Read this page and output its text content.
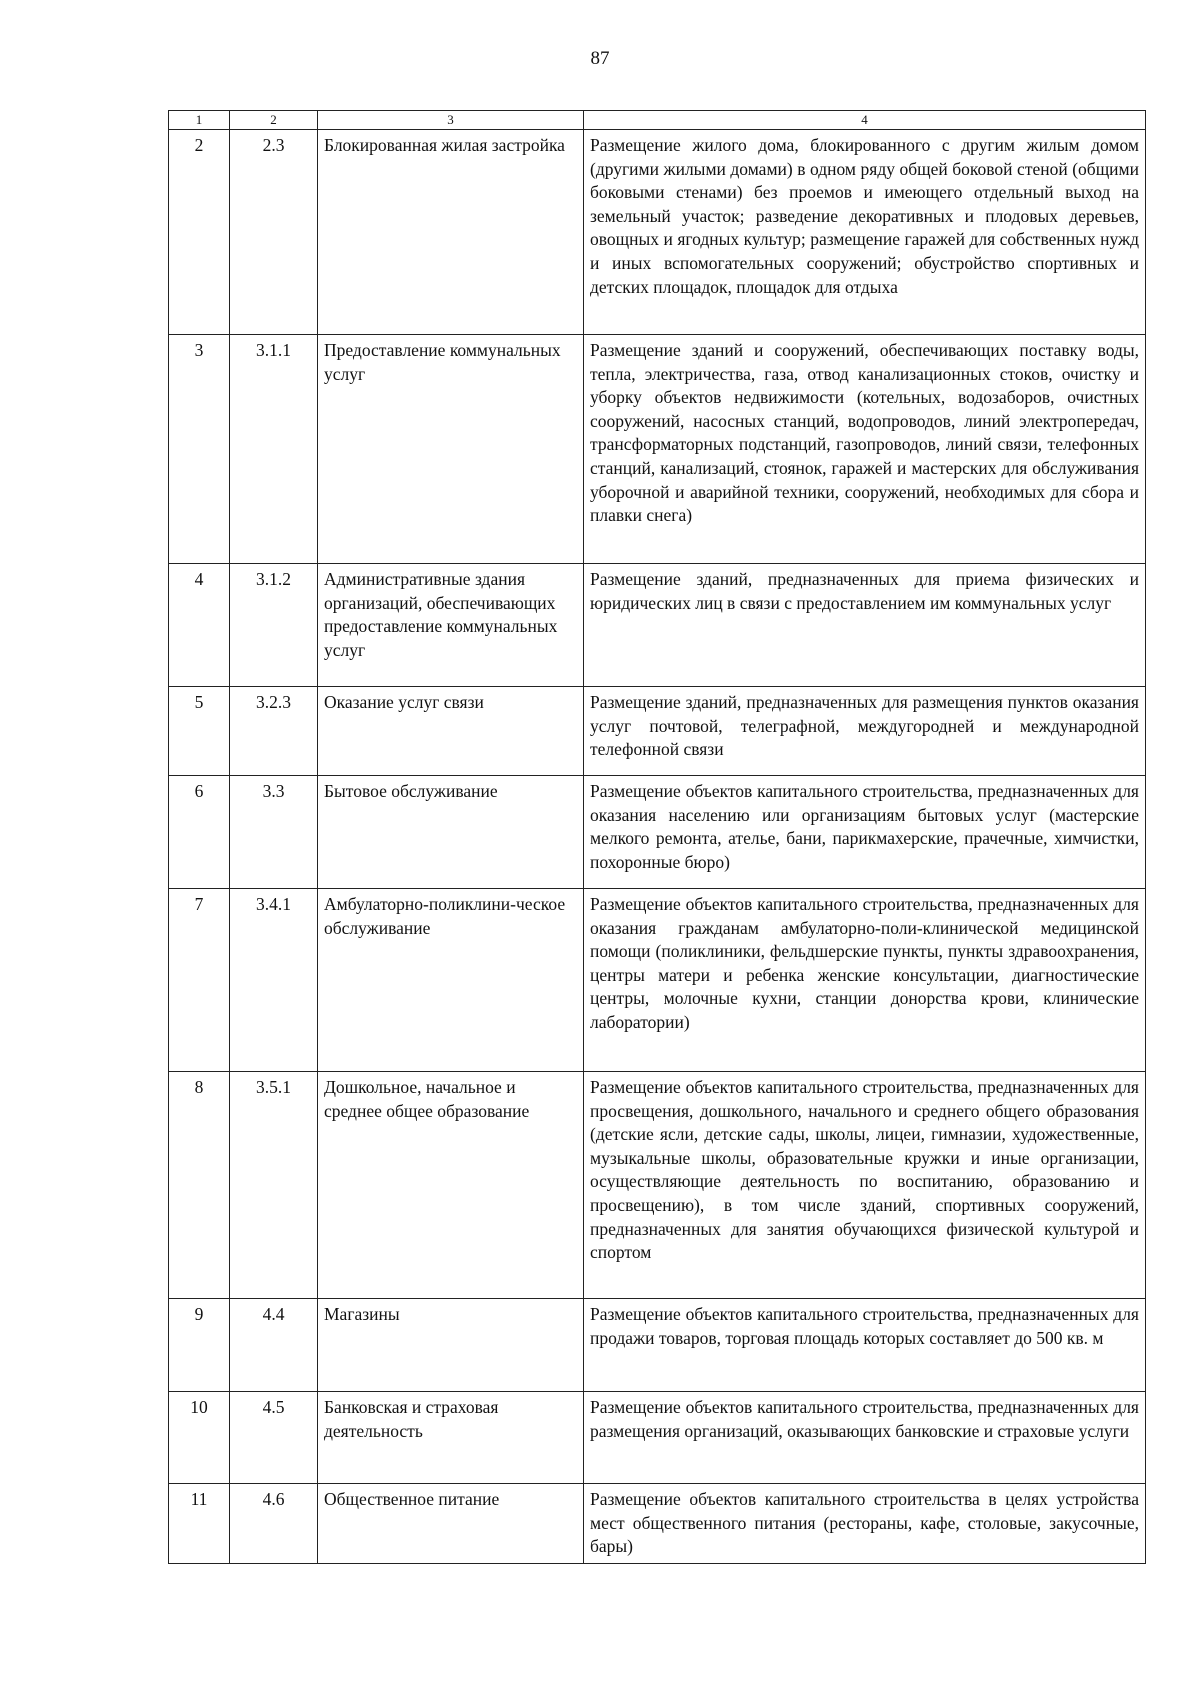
87
1	2	3	4
2	2.3	Блокированная жилая застройка	Размещение жилого дома, блокированного с другим жилым домом (другими жилыми домами) в одном ряду общей боковой стеной (общими боковыми стенами) без проемов и имеющего отдельный выход на земельный участок; разведение декоративных и плодовых деревьев, овощных и ягодных культур; размещение гаражей для собственных нужд и иных вспомогательных сооружений; обустройство спортивных и детских площадок, площадок для отдыха
3	3.1.1	Предоставление коммунальных услуг	Размещение зданий и сооружений, обеспечивающих поставку воды, тепла, электричества, газа, отвод канализационных стоков, очистку и уборку объектов недвижимости (котельных, водозаборов, очистных сооружений, насосных станций, водопроводов, линий электропередач, трансформаторных подстанций, газопроводов, линий связи, телефонных станций, канализаций, стоянок, гаражей и мастерских для обслуживания уборочной и аварийной техники, сооружений, необходимых для сбора и плавки снега)
4	3.1.2	Административные здания организаций, обеспечивающих предоставление коммунальных услуг	Размещение зданий, предназначенных для приема физических и юридических лиц в связи с предоставлением им коммунальных услуг
5	3.2.3	Оказание услуг связи	Размещение зданий, предназначенных для размещения пунктов оказания услуг почтовой, телеграфной, междугородней и международной телефонной связи
6	3.3	Бытовое обслуживание	Размещение объектов капитального строительства, предназначенных для оказания населению или организациям бытовых услуг (мастерские мелкого ремонта, ателье, бани, парикмахерские, прачечные, химчистки, похоронные бюро)
7	3.4.1	Амбулаторно-поликлини-ческое обслуживание	Размещение объектов капитального строительства, предназначенных для оказания гражданам амбулаторно-поли-клинической медицинской помощи (поликлиники, фельдшерские пункты, пункты здравоохранения, центры матери и ребенка женские консультации, диагностические центры, молочные кухни, станции донорства крови, клинические лаборатории)
8	3.5.1	Дошкольное, начальное и среднее общее образование	Размещение объектов капитального строительства, предназначенных для просвещения, дошкольного, начального и среднего общего образования (детские ясли, детские сады, школы, лицеи, гимназии, художественные, музыкальные школы, образовательные кружки и иные организации, осуществляющие деятельность по воспитанию, образованию и просвещению), в том числе зданий, спортивных сооружений, предназначенных для занятия обучающихся физической культурой и спортом
9	4.4	Магазины	Размещение объектов капитального строительства, предназначенных для продажи товаров, торговая площадь которых составляет до 500 кв. м
10	4.5	Банковская и страховая деятельность	Размещение объектов капитального строительства, предназначенных для размещения организаций, оказывающих банковские и страховые услуги
11	4.6	Общественное питание	Размещение объектов капитального строительства в целях устройства мест общественного питания (рестораны, кафе, столовые, закусочные, бары)
